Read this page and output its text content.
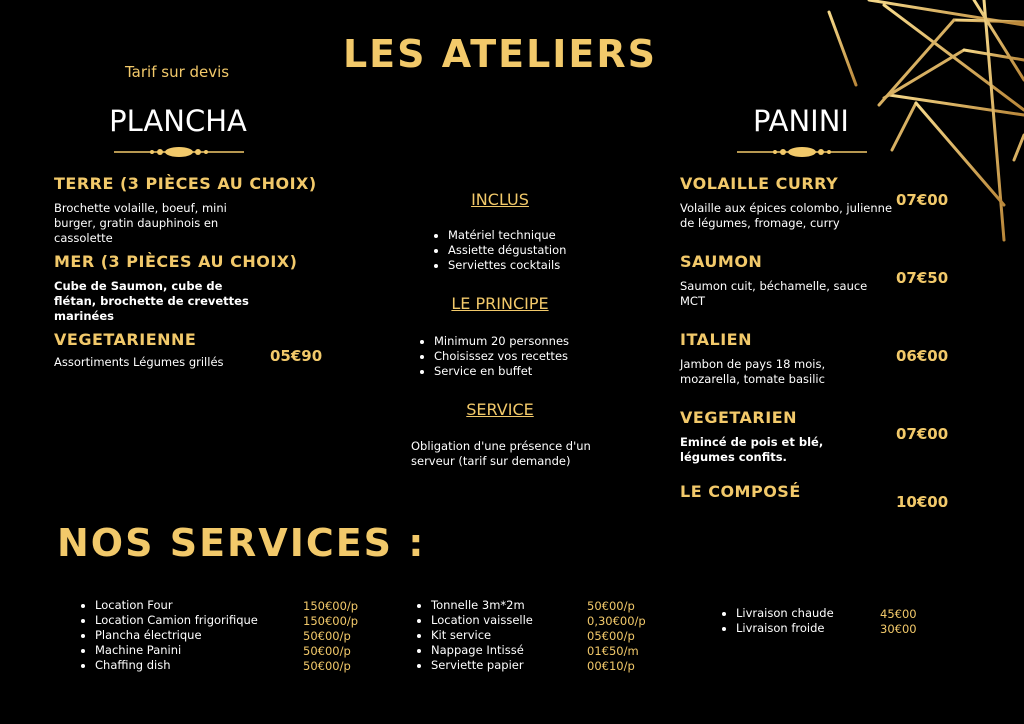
LES ATELIERS
Tarif sur devis
PLANCHA
TERRE (3 PIÈCES AU CHOIX)
Brochette volaille, boeuf, mini burger, gratin dauphinois en cassolette
MER (3 PIÈCES AU CHOIX)
Cube de Saumon, cube de flétan, brochette de crevettes marinées
VEGETARIENNE
Assortiments Légumes grillés	05€90
INCLUS
• Matériel technique
• Assiette dégustation
• Serviettes cocktails
LE PRINCIPE
• Minimum 20 personnes
• Choisissez vos recettes
• Service en buffet
SERVICE
Obligation d'une présence d'un serveur (tarif sur demande)
PANINI
VOLAILLE CURRY
Volaille aux épices colombo, julienne de légumes, fromage, curry
07€00
SAUMON
Saumon cuit, béchamelle, sauce MCT
07€50
ITALIEN
Jambon de pays 18 mois, mozarella, tomate basilic
06€00
VEGETARIEN
Emincé de pois et blé, légumes confits.
07€00
LE COMPOSÉ
10€00
NOS SERVICES :
• Location Four
• Location Camion frigorifique
• Plancha électrique
• Machine Panini
• Chaffing dish
150€00/p
150€00/p
50€00/p
50€00/p
50€00/p
• Tonnelle 3m*2m
• Location vaisselle
• Kit service
• Nappage Intissé
• Serviette papier
50€00/p
0,30€00/p
05€00/p
01€50/m
00€10/p
• Livraison chaude
• Livraison froide
45€00
30€00
